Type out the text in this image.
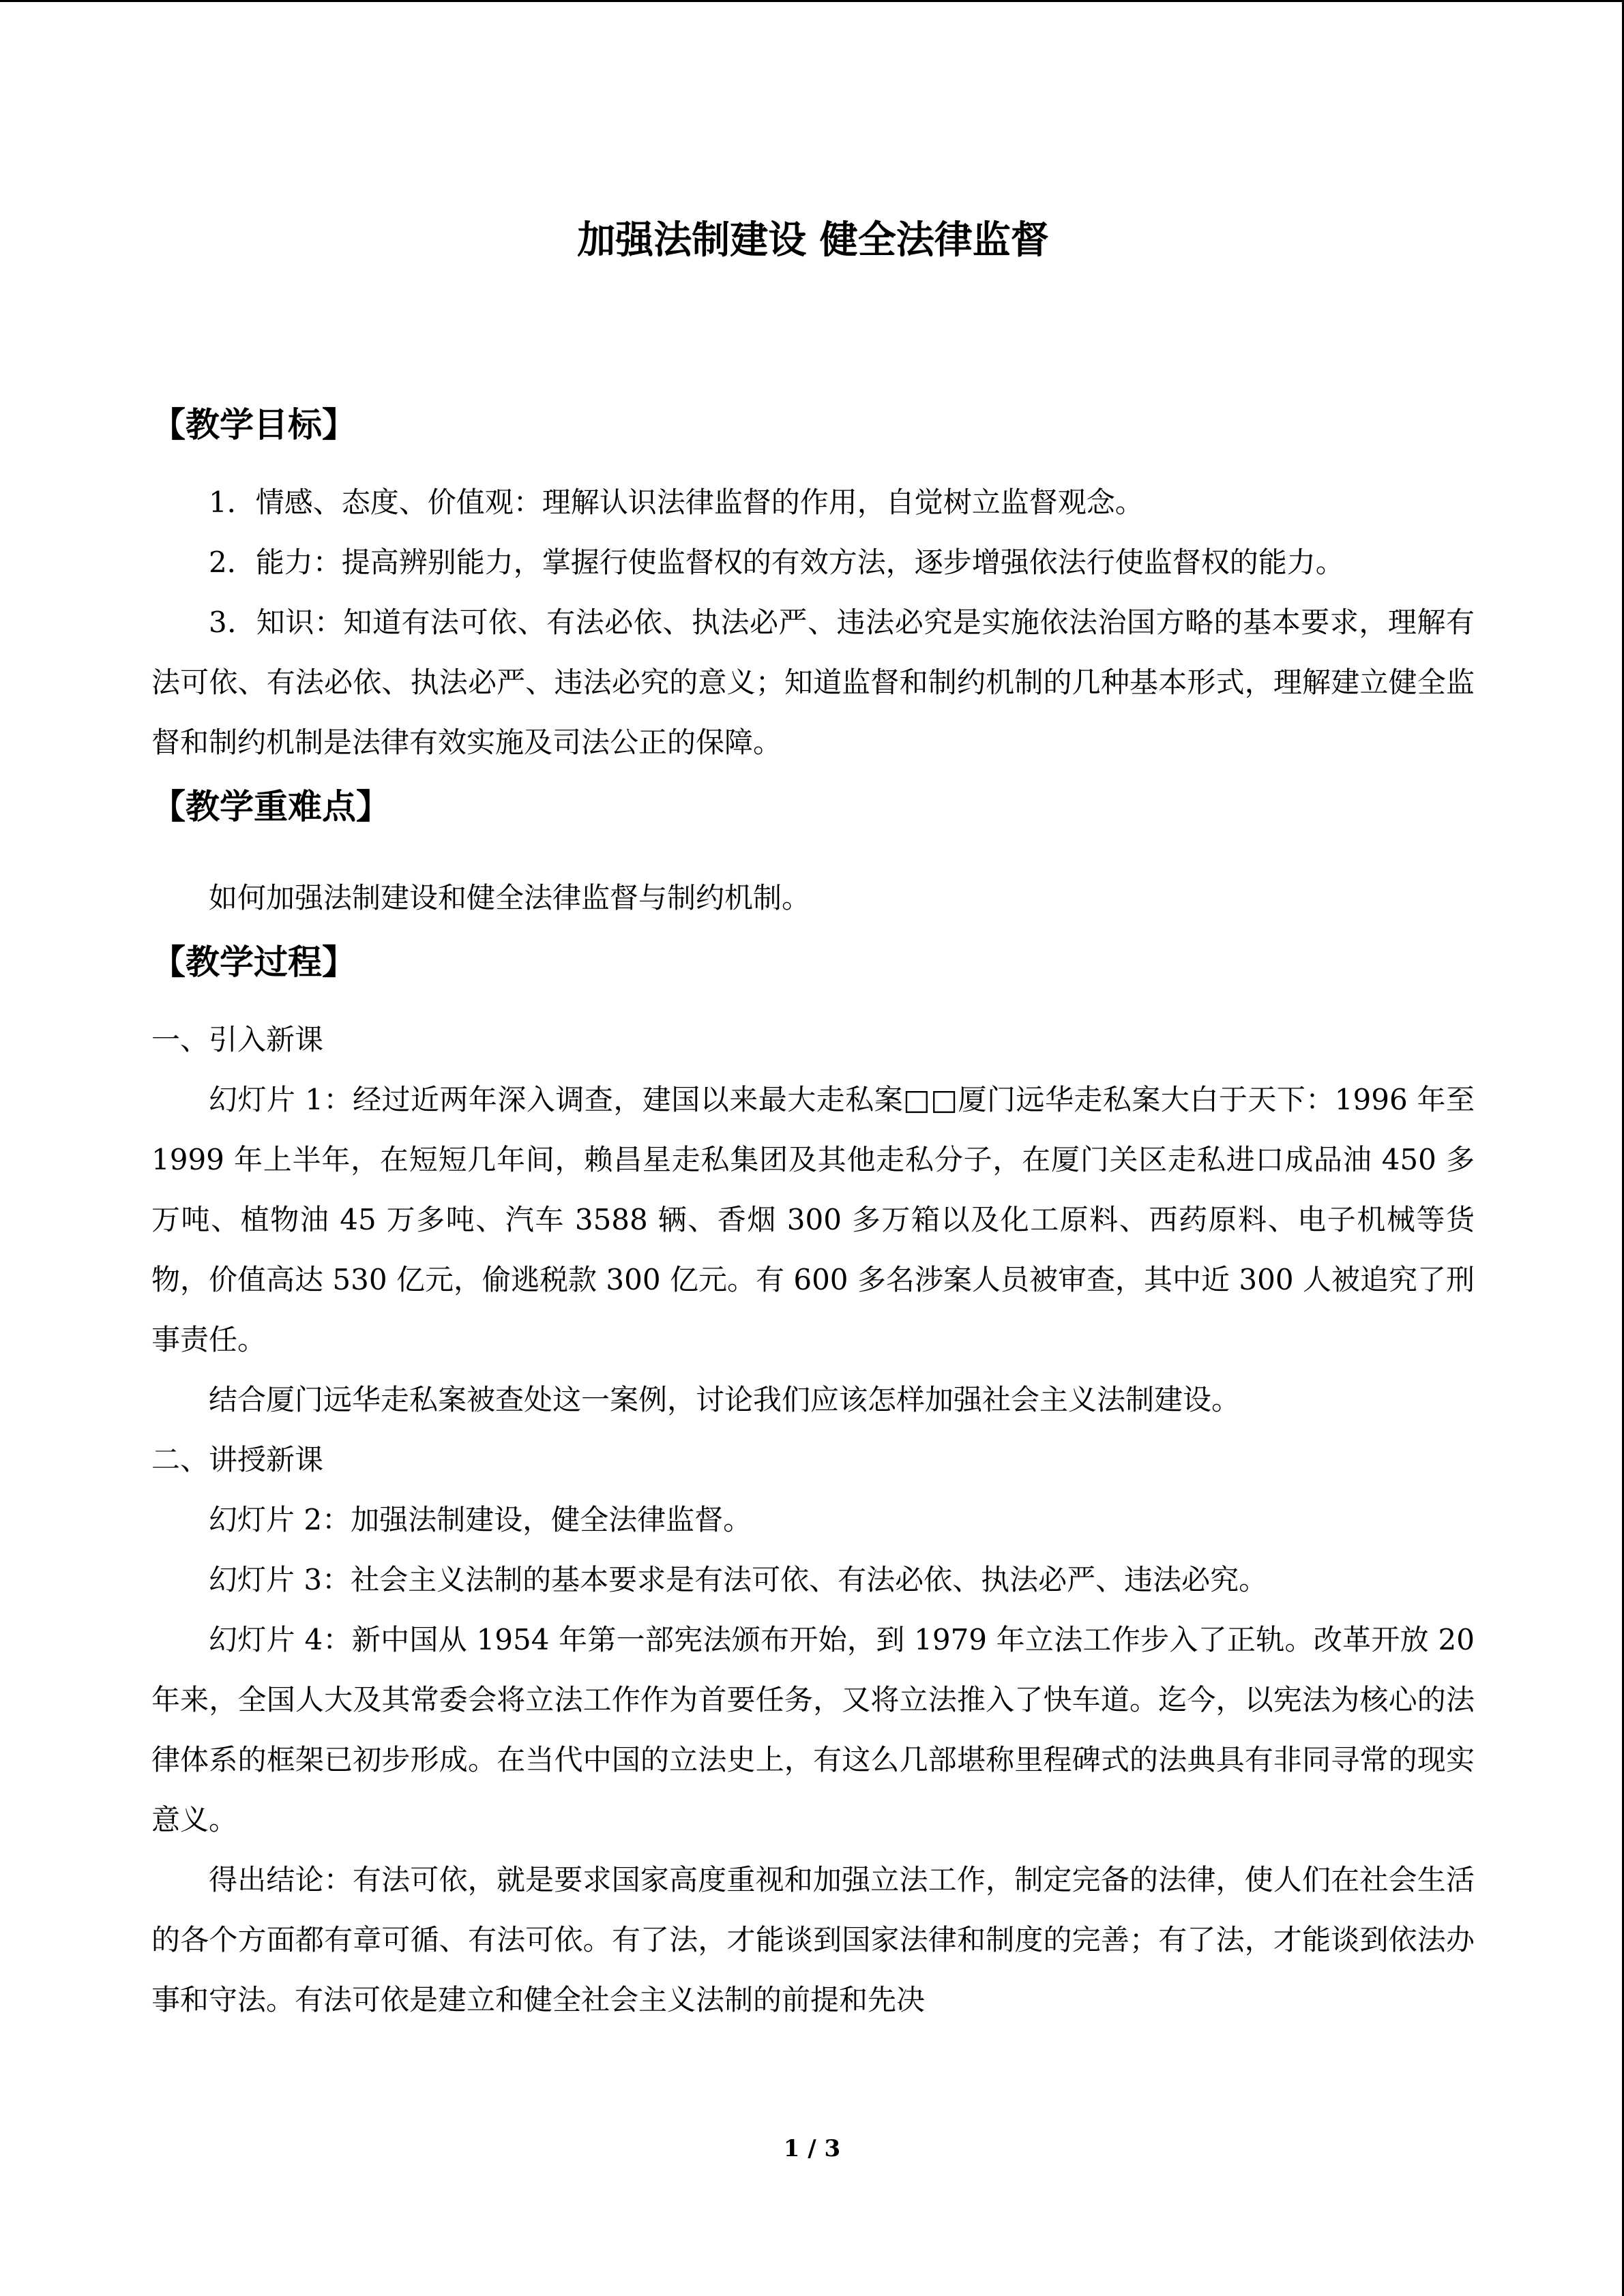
加强法制建设 健全法律监督
【教学目标】

1．情感、态度、价值观：理解认识法律监督的作用，自觉树立监督观念。

2．能力：提高辨别能力，掌握行使监督权的有效方法，逐步增强依法行使监督权的能力。

3．知识：知道有法可依、有法必依、执法必严、违法必究是实施依法治国方略的基本要求，理解有法可依、有法必依、执法必严、违法必究的意义；知道监督和制约机制的几种基本形式，理解建立健全监督和制约机制是法律有效实施及司法公正的保障。

【教学重难点】

如何加强法制建设和健全法律监督与制约机制。

【教学过程】

一、引入新课

幻灯片 1：经过近两年深入调查，建国以来最大走私案□□厦门远华走私案大白于天下：1996 年至 1999 年上半年，在短短几年间，赖昌星走私集团及其他走私分子，在厦门关区走私进口成品油 450 多万吨、植物油 45 万多吨、汽车 3588 辆、香烟 300 多万箱以及化工原料、西药原料、电子机械等货物，价值高达 530 亿元，偷逃税款 300 亿元。有 600 多名涉案人员被审查，其中近 300 人被追究了刑事责任。

结合厦门远华走私案被查处这一案例，讨论我们应该怎样加强社会主义法制建设。

二、讲授新课

幻灯片 2：加强法制建设，健全法律监督。

幻灯片 3：社会主义法制的基本要求是有法可依、有法必依、执法必严、违法必究。

幻灯片 4：新中国从 1954 年第一部宪法颁布开始，到 1979 年立法工作步入了正轨。改革开放 20 年来，全国人大及其常委会将立法工作作为首要任务，又将立法推入了快车道。迄今，以宪法为核心的法律体系的框架已初步形成。在当代中国的立法史上，有这么几部堪称里程碑式的法典具有非同寻常的现实意义。

得出结论：有法可依，就是要求国家高度重视和加强立法工作，制定完备的法律，使人们在社会生活的各个方面都有章可循、有法可依。有了法，才能谈到国家法律和制度的完善；有了法，才能谈到依法办事和守法。有法可依是建立和健全社会主义法制的前提和先决

1 / 3
